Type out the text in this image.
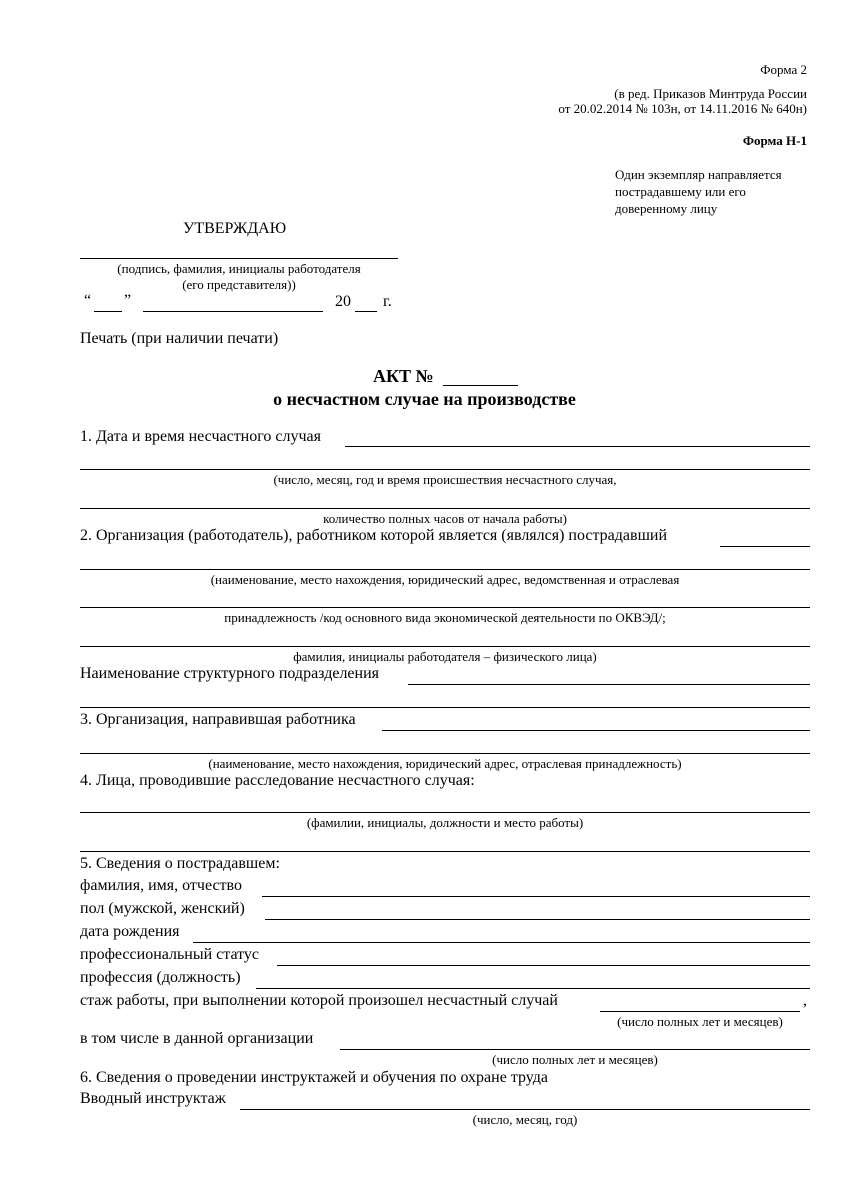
Форма 2
(в ред. Приказов Минтруда России
от 20.02.2014 № 103н, от 14.11.2016 № 640н)
Форма Н-1
Один экземпляр направляется
пострадавшему или его
доверенному лицу
УТВЕРЖДАЮ
(подпись, фамилия, инициалы работодателя
(его представителя))
“ ”	20 г.
Печать (при наличии печати)
АКТ №
о несчастном случае на производстве
1. Дата и время несчастного случая
(число, месяц, год и время происшествия несчастного случая,
количество полных часов от начала работы)
2. Организация (работодатель), работником которой является (являлся) пострадавший
(наименование, место нахождения, юридический адрес, ведомственная и отраслевая
принадлежность /код основного вида экономической деятельности по ОКВЭД/;
фамилия, инициалы работодателя – физического лица)
Наименование структурного подразделения
3. Организация, направившая работника
(наименование, место нахождения, юридический адрес, отраслевая принадлежность)
4. Лица, проводившие расследование несчастного случая:
(фамилии, инициалы, должности и место работы)
5. Сведения о пострадавшем:
фамилия, имя, отчество
пол (мужской, женский)
дата рождения
профессиональный статус
профессия (должность)
стаж работы, при выполнении которой произошел несчастный случай	,
(число полных лет и месяцев)
в том числе в данной организации
(число полных лет и месяцев)
6. Сведения о проведении инструктажей и обучения по охране труда
Вводный инструктаж
(число, месяц, год)
